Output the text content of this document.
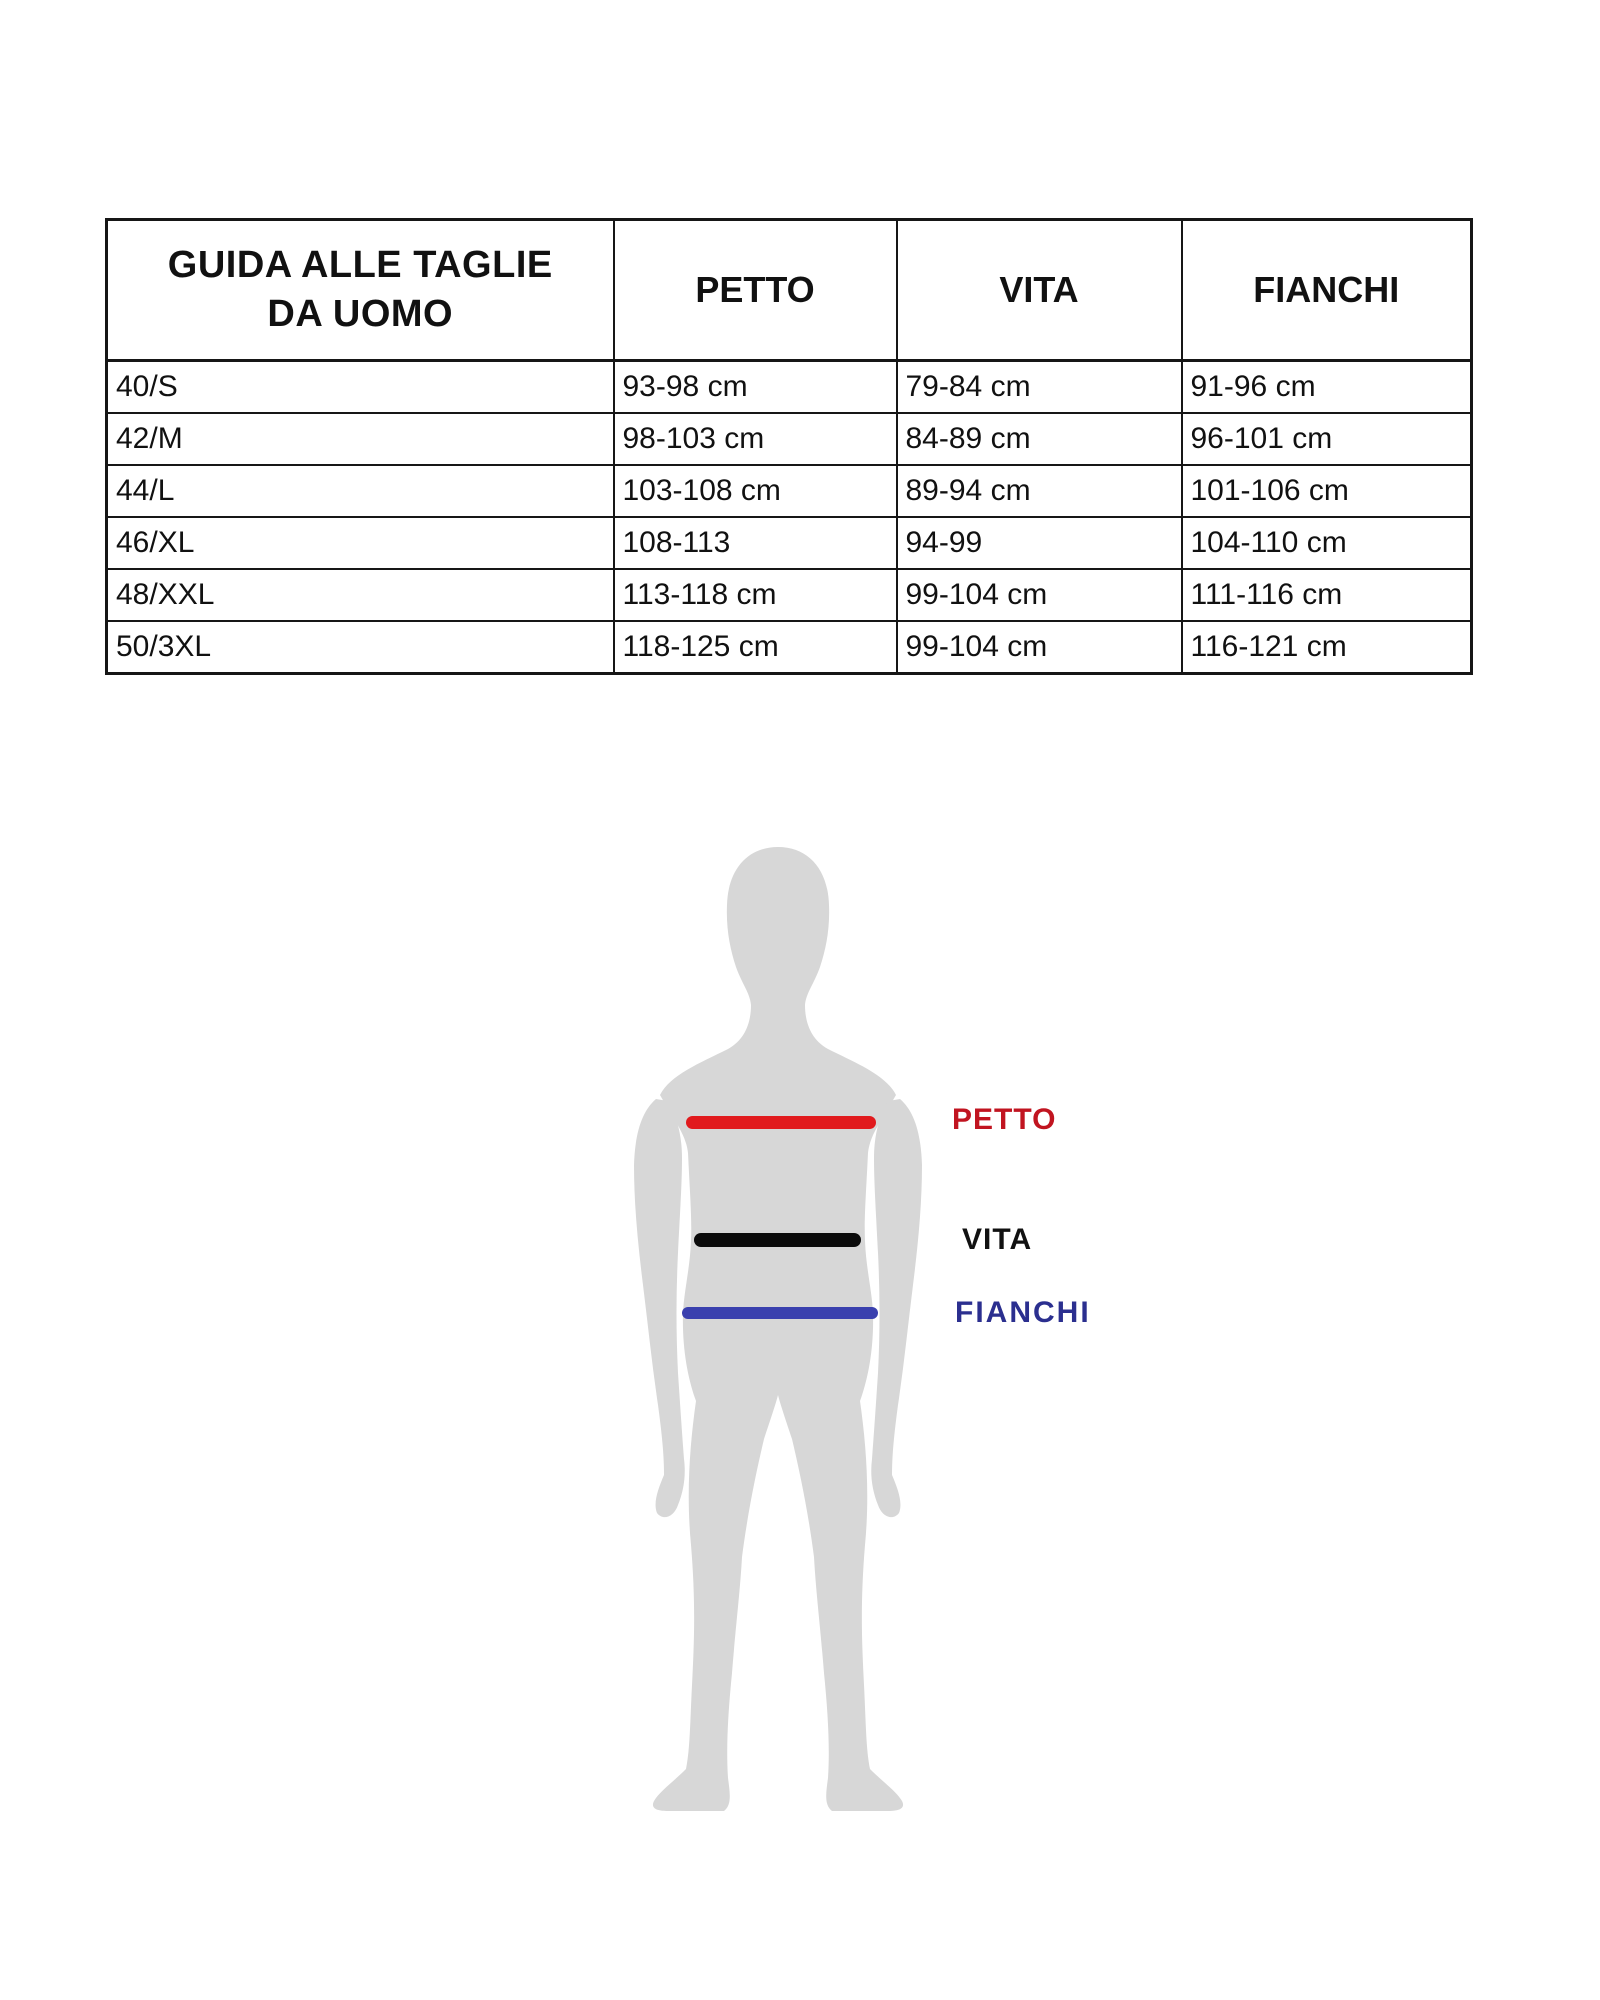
GUIDA ALLE TAGLIE
DA UOMO	PETTO	VITA	FIANCHI
40/S	93-98 cm	79-84 cm	91-96 cm
42/M	98-103 cm	84-89 cm	96-101 cm
44/L	103-108 cm	89-94 cm	101-106 cm
46/XL	108-113	94-99	104-110 cm
48/XXL	113-118 cm	99-104 cm	111-116 cm
50/3XL	118-125 cm	99-104 cm	116-121 cm
PETTO
VITA
FIANCHI
